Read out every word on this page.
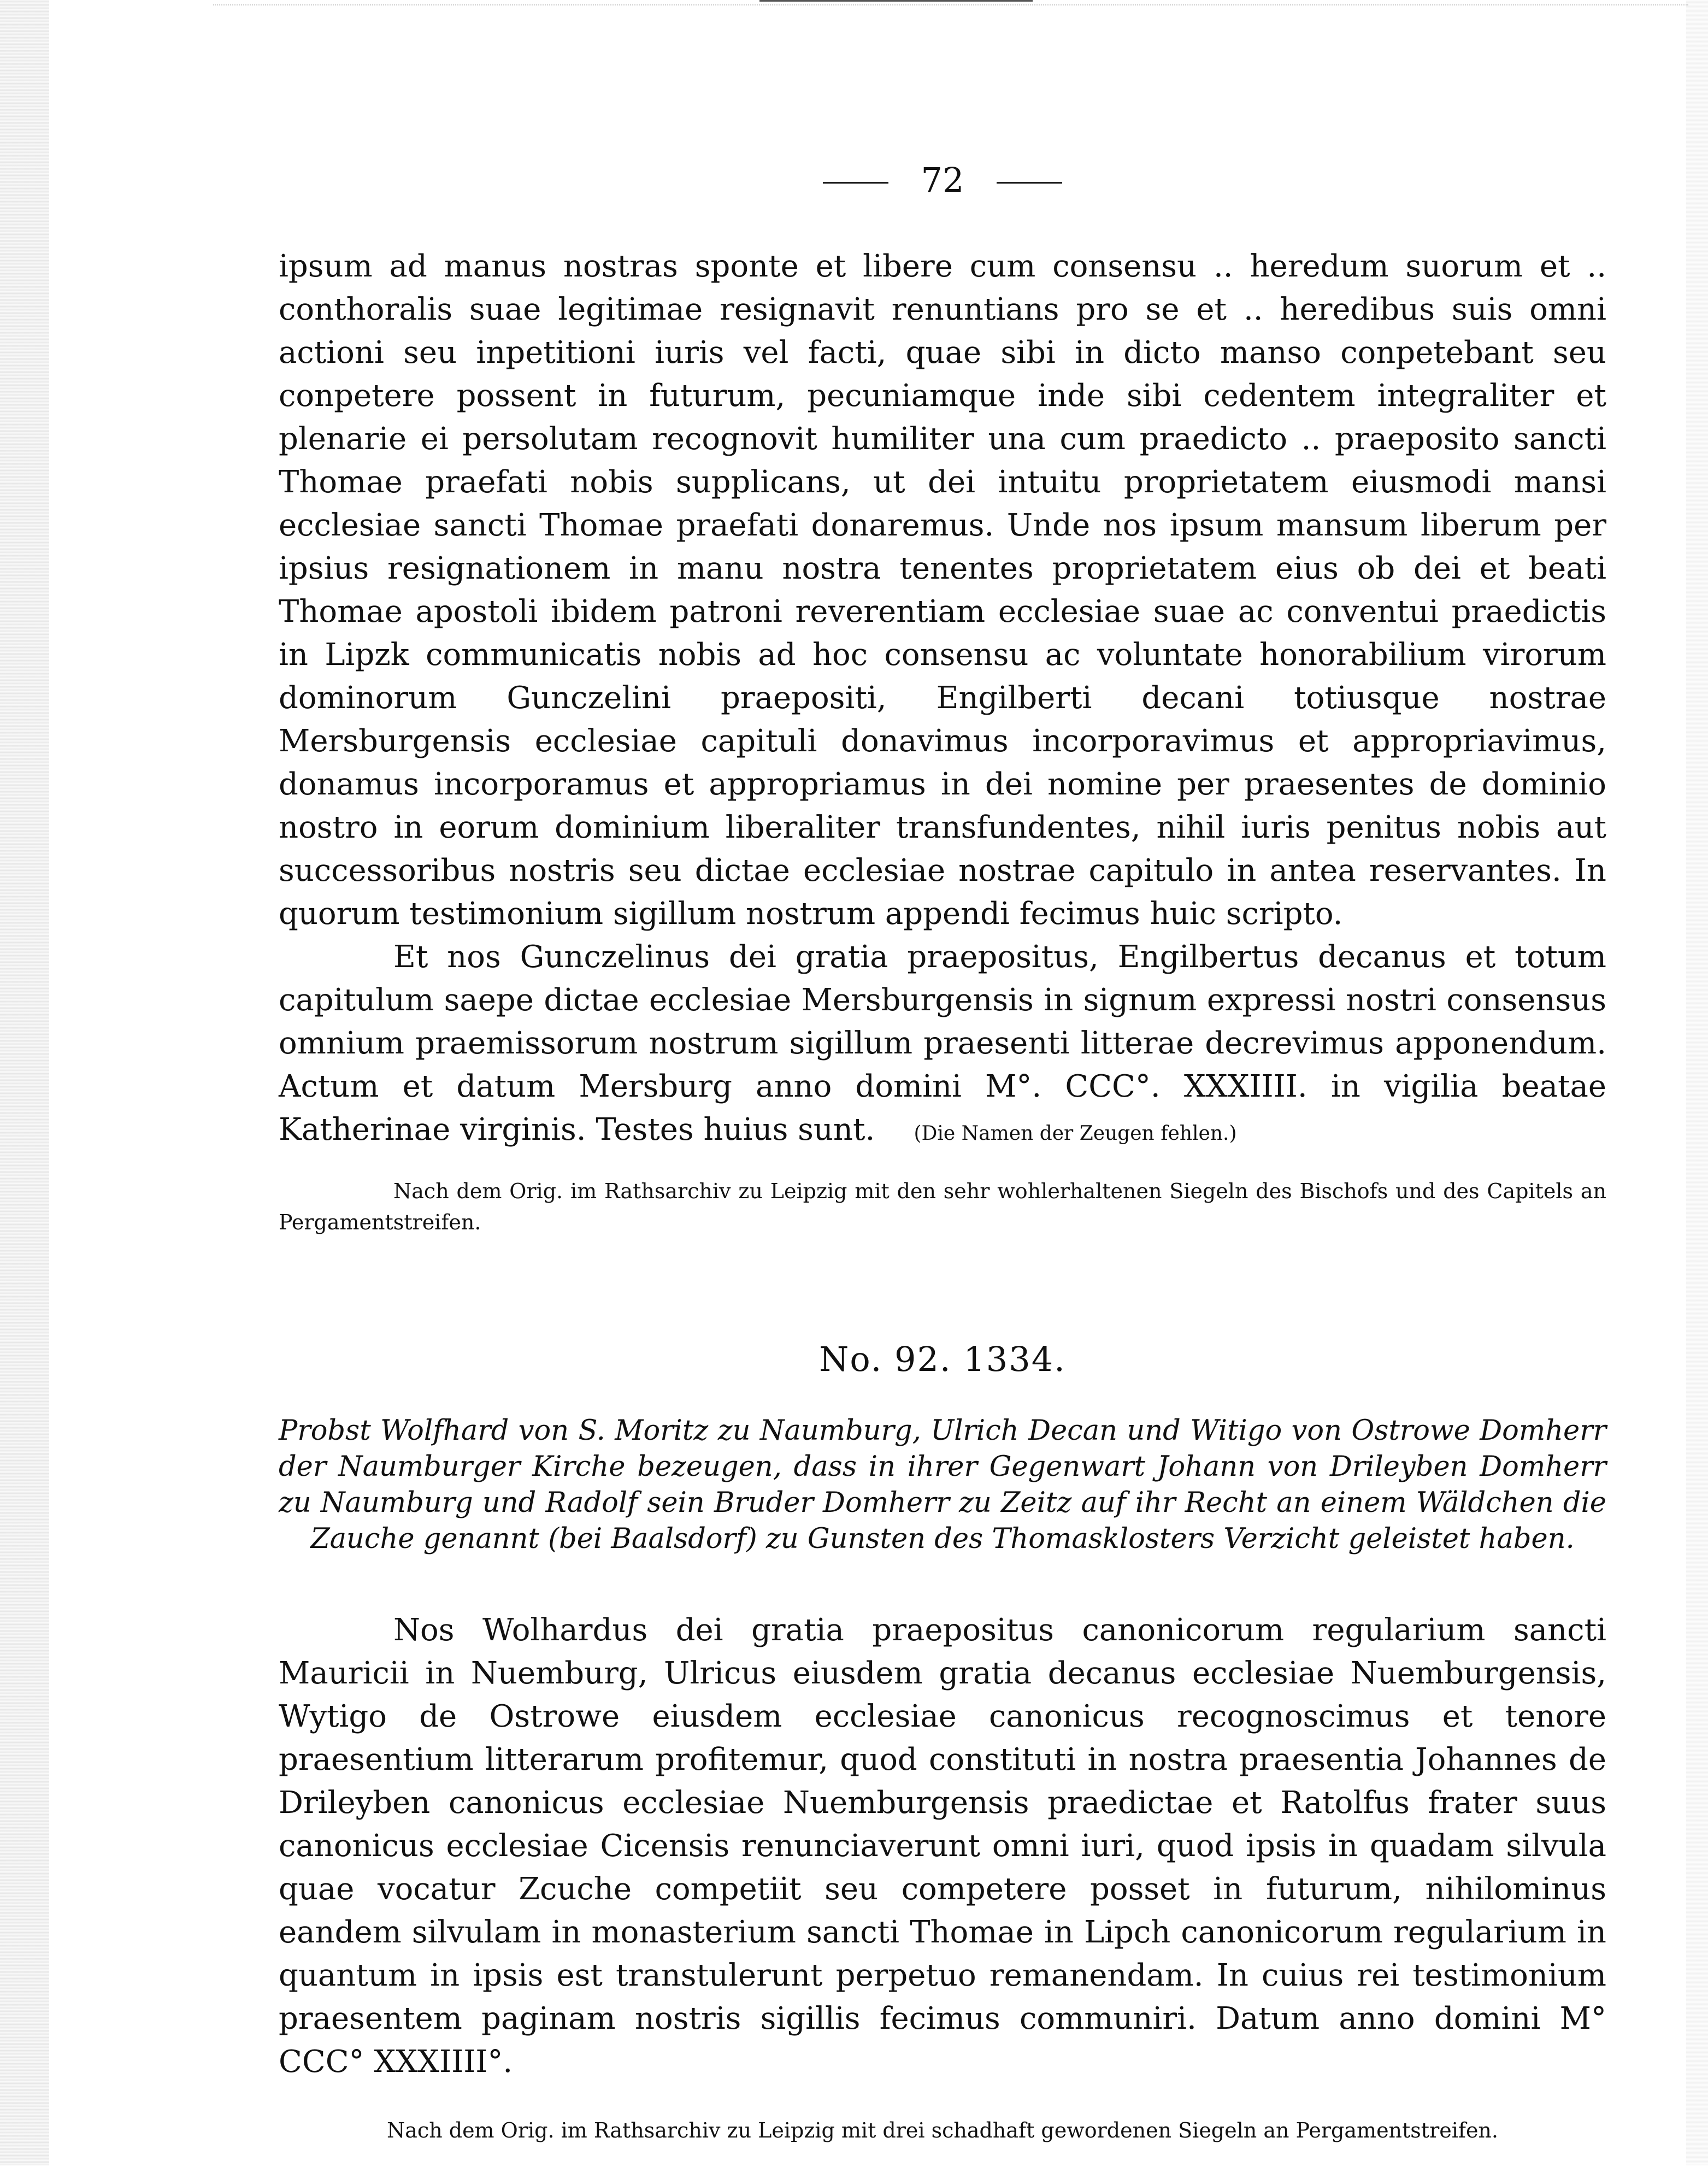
72

ipsum ad manus nostras sponte et libere cum consensu .. heredum suorum et .. conthoralis suae legitimae resignavit renuntians pro se et .. heredibus suis omni actioni seu inpetitioni iuris vel facti, quae sibi in dicto manso conpetebant seu conpetere possent in futurum, pecuniamque inde sibi cedentem integraliter et plenarie ei persolutam recognovit humiliter una cum praedicto .. praeposito sancti Thomae praefati nobis supplicans, ut dei intuitu proprietatem eiusmodi mansi ecclesiae sancti Thomae praefati donaremus. Unde nos ipsum mansum liberum per ipsius resignationem in manu nostra tenentes proprietatem eius ob dei et beati Thomae apostoli ibidem patroni reverentiam ecclesiae suae ac conventui praedictis in Lipzk communicatis nobis ad hoc consensu ac voluntate honorabilium virorum dominorum Gunczelini praepositi, Engilberti decani totiusque nostrae Mersburgensis ecclesiae capituli donavimus incorporavimus et appropriavimus, donamus incorporamus et appropriamus in dei nomine per praesentes de dominio nostro in eorum dominium liberaliter transfundentes, nihil iuris penitus nobis aut successoribus nostris seu dictae ecclesiae nostrae capitulo in antea reservantes. In quorum testimonium sigillum nostrum appendi fecimus huic scripto.

Et nos Gunczelinus dei gratia praepositus, Engilbertus decanus et totum capitulum saepe dictae ecclesiae Mersburgensis in signum expressi nostri consensus omnium praemissorum nostrum sigillum praesenti litterae decrevimus apponendum. Actum et datum Mersburg anno domini M°. CCC°. XXXIIII. in vigilia beatae Katherinae virginis. Testes huius sunt. (Die Namen der Zeugen fehlen.)

Nach dem Orig. im Rathsarchiv zu Leipzig mit den sehr wohlerhaltenen Siegeln des Bischofs und des Capitels an Pergamentstreifen.

No. 92. 1334.

Probst Wolfhard von S. Moritz zu Naumburg, Ulrich Decan und Witigo von Ostrowe Domherr der Naumburger Kirche bezeugen, dass in ihrer Gegenwart Johann von Drileyben Domherr zu Naumburg und Radolf sein Bruder Domherr zu Zeitz auf ihr Recht an einem Wäldchen die Zauche genannt (bei Baalsdorf) zu Gunsten des Thomasklosters Verzicht geleistet haben.

Nos Wolhardus dei gratia praepositus canonicorum regularium sancti Mauricii in Nuemburg, Ulricus eiusdem gratia decanus ecclesiae Nuemburgensis, Wytigo de Ostrowe eiusdem ecclesiae canonicus recognoscimus et tenore praesentium litterarum profitemur, quod constituti in nostra praesentia Johannes de Drileyben canonicus ecclesiae Nuemburgensis praedictae et Ratolfus frater suus canonicus ecclesiae Cicensis renunciaverunt omni iuri, quod ipsis in quadam silvula quae vocatur Zcuche competiit seu competere posset in futurum, nihilominus eandem silvulam in monasterium sancti Thomae in Lipch canonicorum regularium in quantum in ipsis est transtulerunt perpetuo remanendam. In cuius rei testimonium praesentem paginam nostris sigillis fecimus communiri. Datum anno domini M° CCC° XXXIIII°.

Nach dem Orig. im Rathsarchiv zu Leipzig mit drei schadhaft gewordenen Siegeln an Pergamentstreifen.
